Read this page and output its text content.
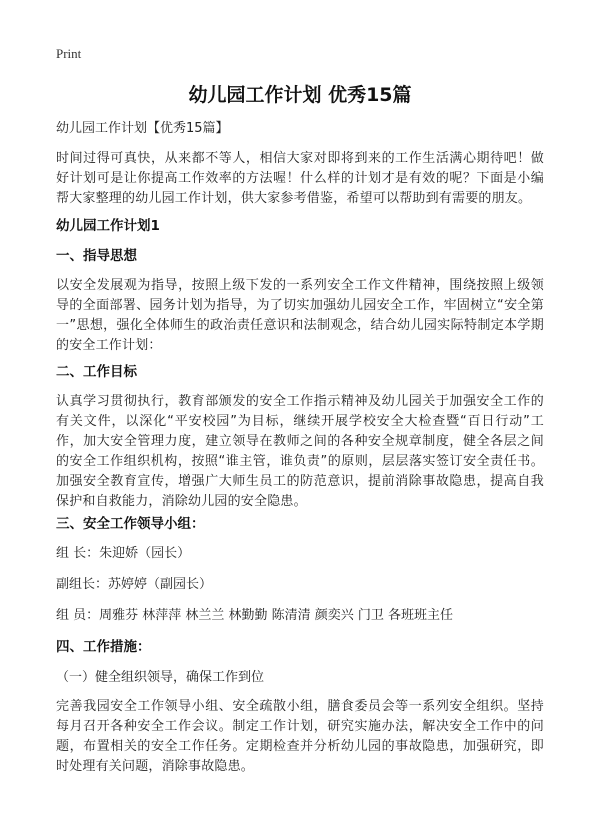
Print
幼儿园工作计划 优秀15篇
幼儿园工作计划【优秀15篇】
时间过得可真快，从来都不等人，相信大家对即将到来的工作生活满心期待吧！做好计划可是让你提高工作效率的方法喔！什么样的计划才是有效的呢？下面是小编帮大家整理的幼儿园工作计划，供大家参考借鉴，希望可以帮助到有需要的朋友。
幼儿园工作计划1
一、指导思想
以安全发展观为指导，按照上级下发的一系列安全工作文件精神，围绕按照上级领导的全面部署、园务计划为指导，为了切实加强幼儿园安全工作，牢固树立“安全第一”思想，强化全体师生的政治责任意识和法制观念，结合幼儿园实际特制定本学期的安全工作计划：
二、工作目标
认真学习贯彻执行，教育部颁发的安全工作指示精神及幼儿园关于加强安全工作的有关文件，以深化“平安校园”为目标，继续开展学校安全大检查暨“百日行动”工作，加大安全管理力度，建立领导在教师之间的各种安全规章制度，健全各层之间的安全工作组织机构，按照“谁主管，谁负责”的原则，层层落实签订安全责任书。加强安全教育宣传，增强广大师生员工的防范意识，提前消除事故隐患，提高自我保护和自救能力，消除幼儿园的安全隐患。
三、安全工作领导小组：
组 长：朱迎娇（园长）
副组长：苏婷婷（副园长）
组 员：周雅芬 林萍萍 林兰兰 林勤勤 陈清清 颜奕兴 门卫 各班班主任
四、工作措施：
（一）健全组织领导，确保工作到位
完善我园安全工作领导小组、安全疏散小组，膳食委员会等一系列安全组织。坚持每月召开各种安全工作会议。制定工作计划，研究实施办法，解决安全工作中的问题，布置相关的安全工作任务。定期检查并分析幼儿园的事故隐患，加强研究，即时处理有关问题，消除事故隐患。
